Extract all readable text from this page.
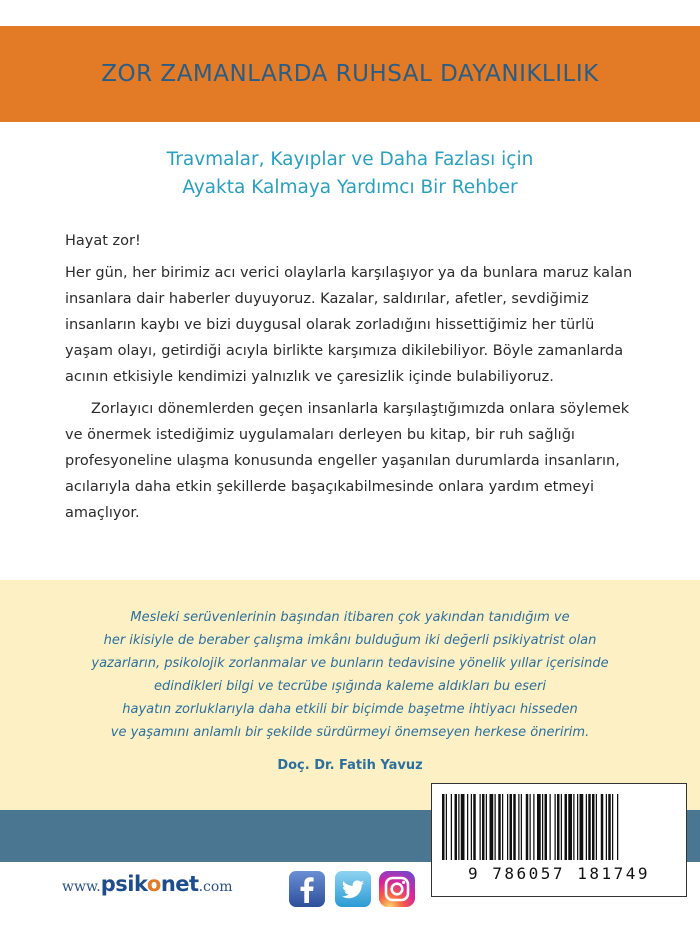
ZOR ZAMANLARDA RUHSAL DAYANIKLILIK
Travmalar, Kayıplar ve Daha Fazlası için
Ayakta Kalmaya Yardımcı Bir Rehber

Hayat zor!

Her gün, her birimiz acı verici olaylarla karşılaşıyor ya da bunlara maruz kalan insanlara dair haberler duyuyoruz. Kazalar, saldırılar, afetler, sevdiğimiz insanların kaybı ve bizi duygusal olarak zorladığını hissettiğimiz her türlü yaşam olayı, getirdiği acıyla birlikte karşımıza dikilebiliyor. Böyle zamanlarda acının etkisiyle kendimizi yalnızlık ve çaresizlik içinde bulabiliyoruz.

Zorlayıcı dönemlerden geçen insanlarla karşılaştığımızda onlara söylemek ve önermek istediğimiz uygulamaları derleyen bu kitap, bir ruh sağlığı profesyoneline ulaşma konusunda engeller yaşanılan durumlarda insanların, acılarıyla daha etkin şekillerde başaçıkabilmesinde onlara yardım etmeyi amaçlıyor.

Mesleki serüvenlerinin başından itibaren çok yakından tanıdığım ve
her ikisiyle de beraber çalışma imkânı bulduğum iki değerli psikiyatrist olan
yazarların, psikolojik zorlanmalar ve bunların tedavisine yönelik yıllar içerisinde
edindikleri bilgi ve tecrübe ışığında kaleme aldıkları bu eseri
hayatın zorluklarıyla daha etkili bir biçimde başetme ihtiyacı hisseden
ve yaşamını anlamlı bir şekilde sürdürmeyi önemseyen herkese öneririm.
Doç. Dr. Fatih Yavuz
9 786057 181749
www. psikonet .com
